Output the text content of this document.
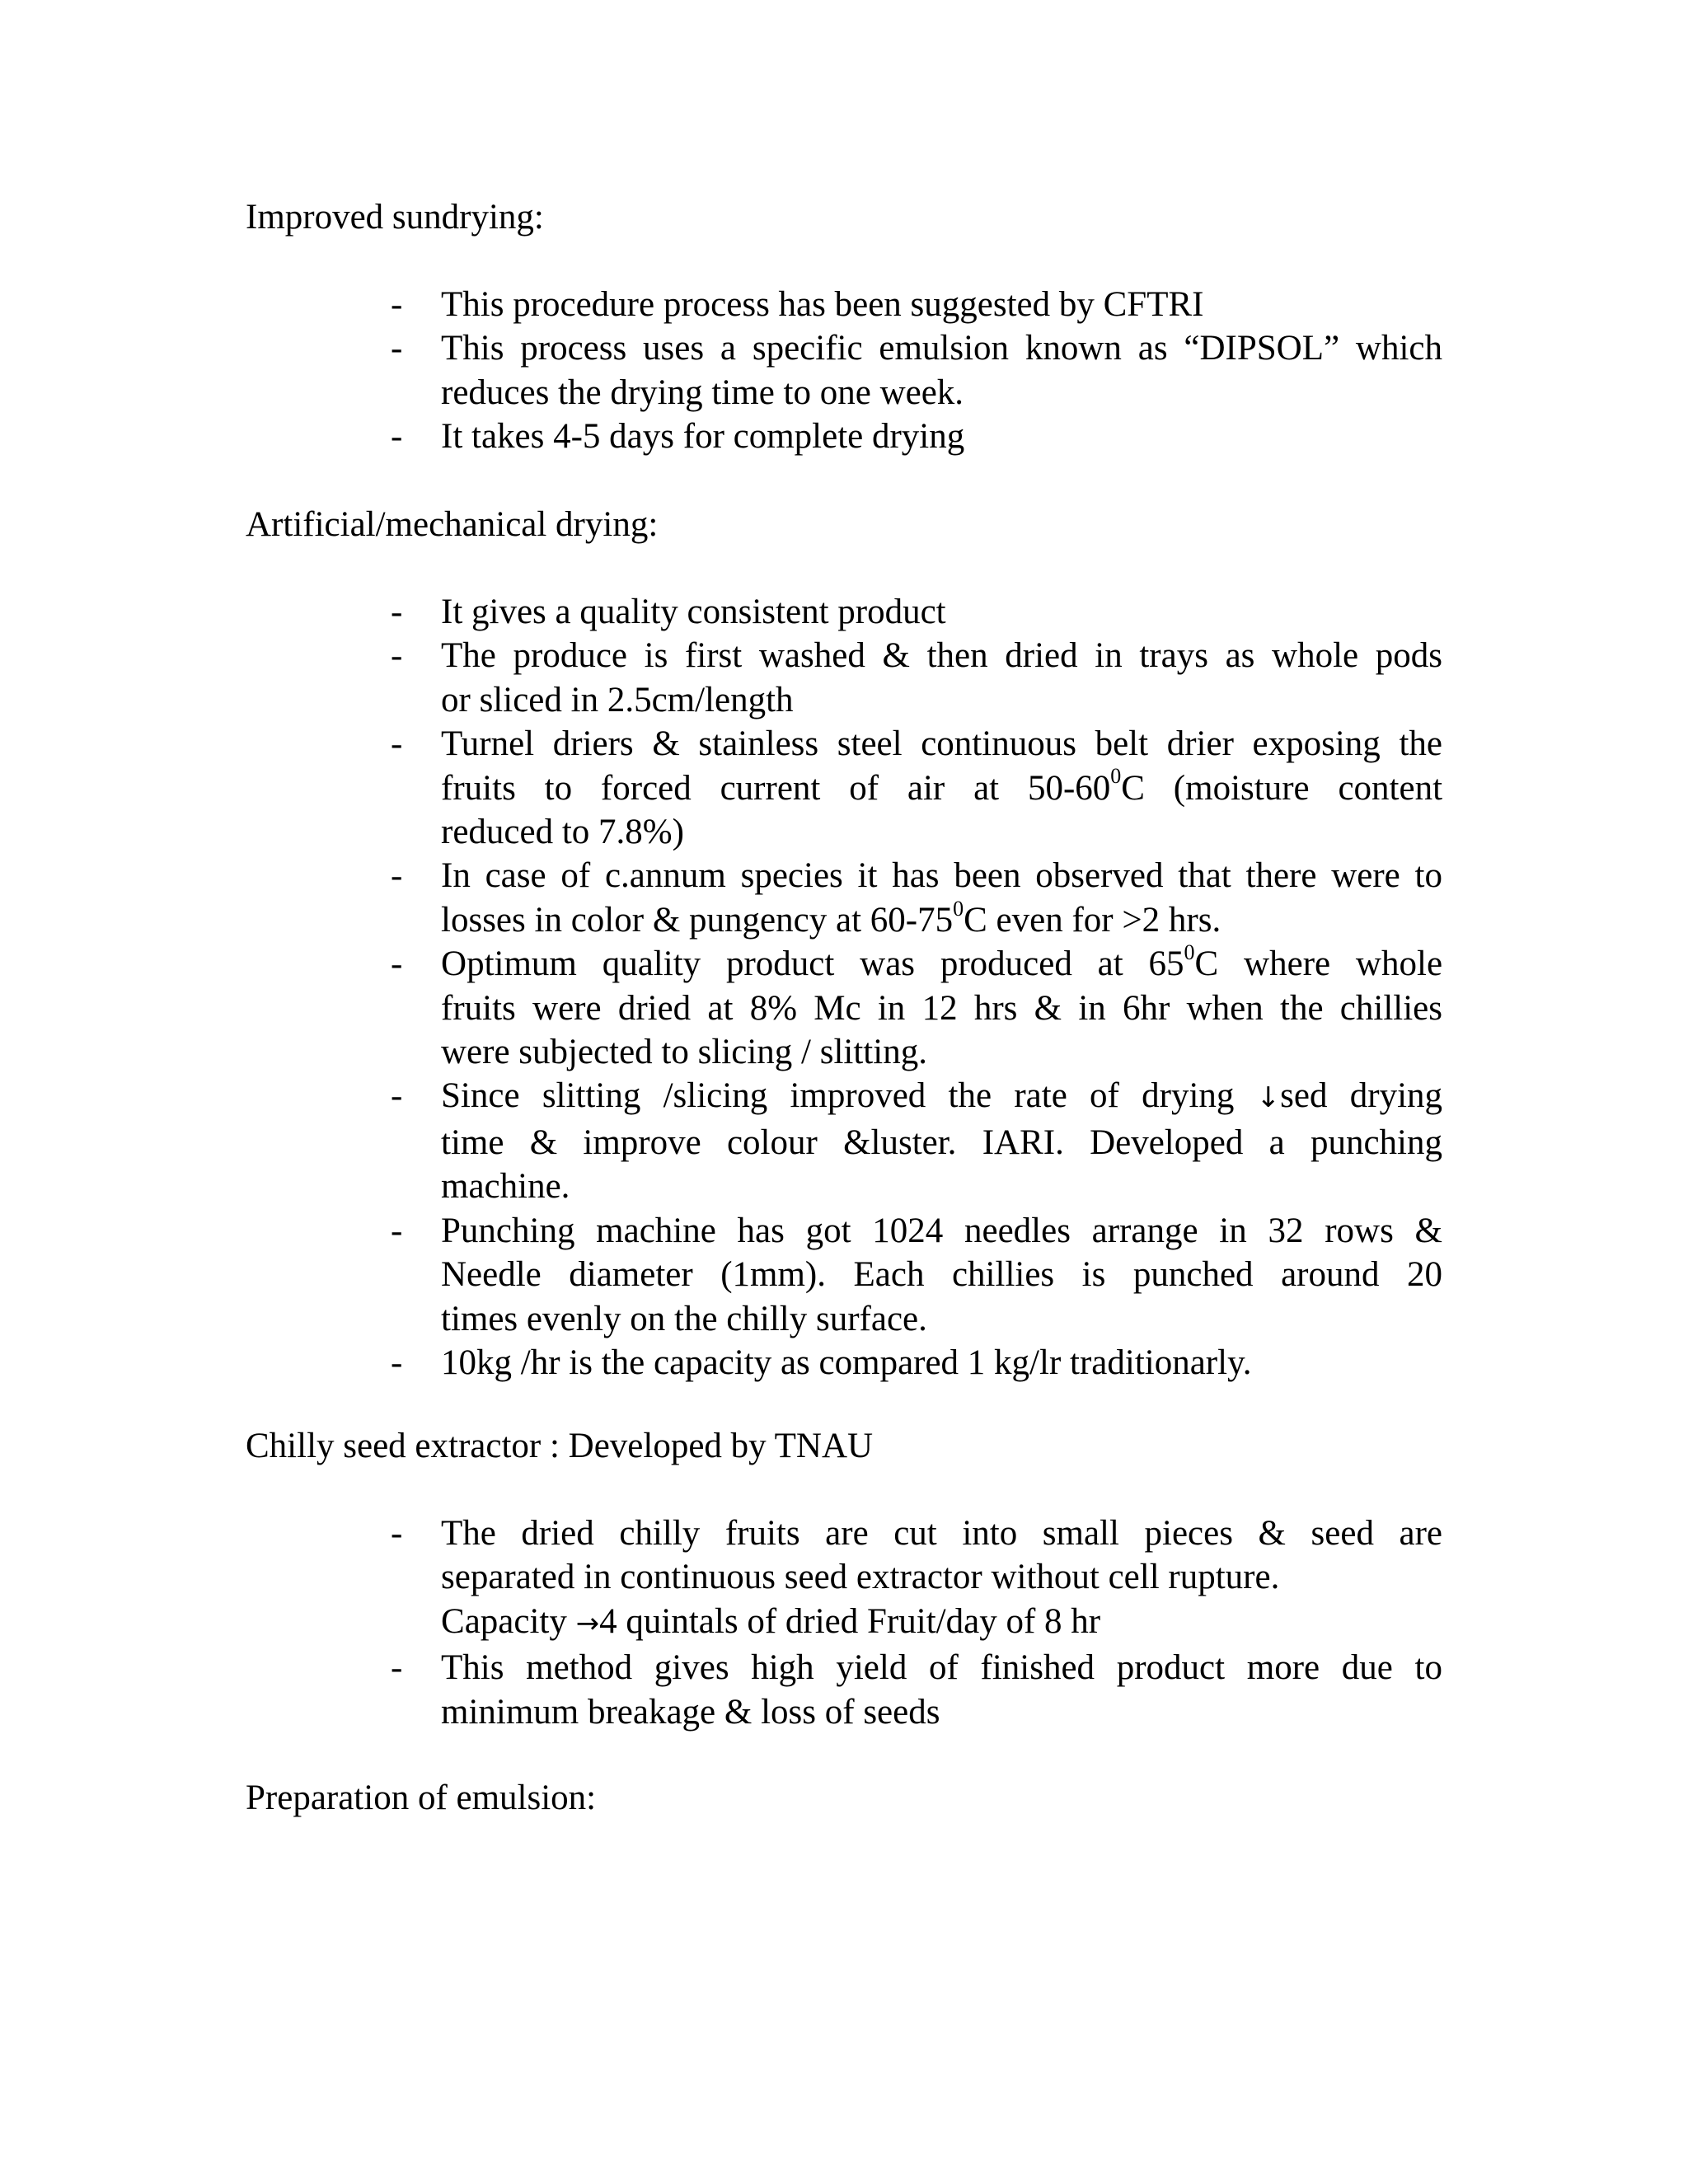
Improved sundrying:
- This procedure process has been suggested by CFTRI
- This process uses a specific emulsion known as “DIPSOL” which
reduces the drying time to one week.
- It takes 4-5 days for complete drying
Artificial/mechanical drying:
- It gives a quality consistent product
- The produce is first washed & then dried in trays as whole pods
or sliced in 2.5cm/length
- Turnel driers & stainless steel continuous belt drier exposing the
fruits to forced current of air at $50-60^0C$ (moisture content
reduced to 7.8%)
- In case of c.annum species it has been observed that there were to
losses in color & pungency at $60-75^0C$ even for >2 hrs.
- Optimum quality product was produced at $65^0C$ where whole
fruits were dried at 8% Mc in 12 hrs & in 6hr when the chillies
were subjected to slicing / slitting.
- Since slitting /slicing improved the rate of drying ↓sed drying
time & improve colour &luster. IARI. Developed a punching
machine.
- Punching machine has got 1024 needles arrange in 32 rows &
Needle diameter (1mm). Each chillies is punched around 20
times evenly on the chilly surface.
- 10kg /hr is the capacity as compared 1 kg/lr traditionarly.
Chilly seed extractor : Developed by TNAU
- The dried chilly fruits are cut into small pieces & seed are
separated in continuous seed extractor without cell rupture.
Capacity →4 quintals of dried Fruit/day of 8 hr
- This method gives high yield of finished product more due to
minimum breakage & loss of seeds
Preparation of emulsion:
